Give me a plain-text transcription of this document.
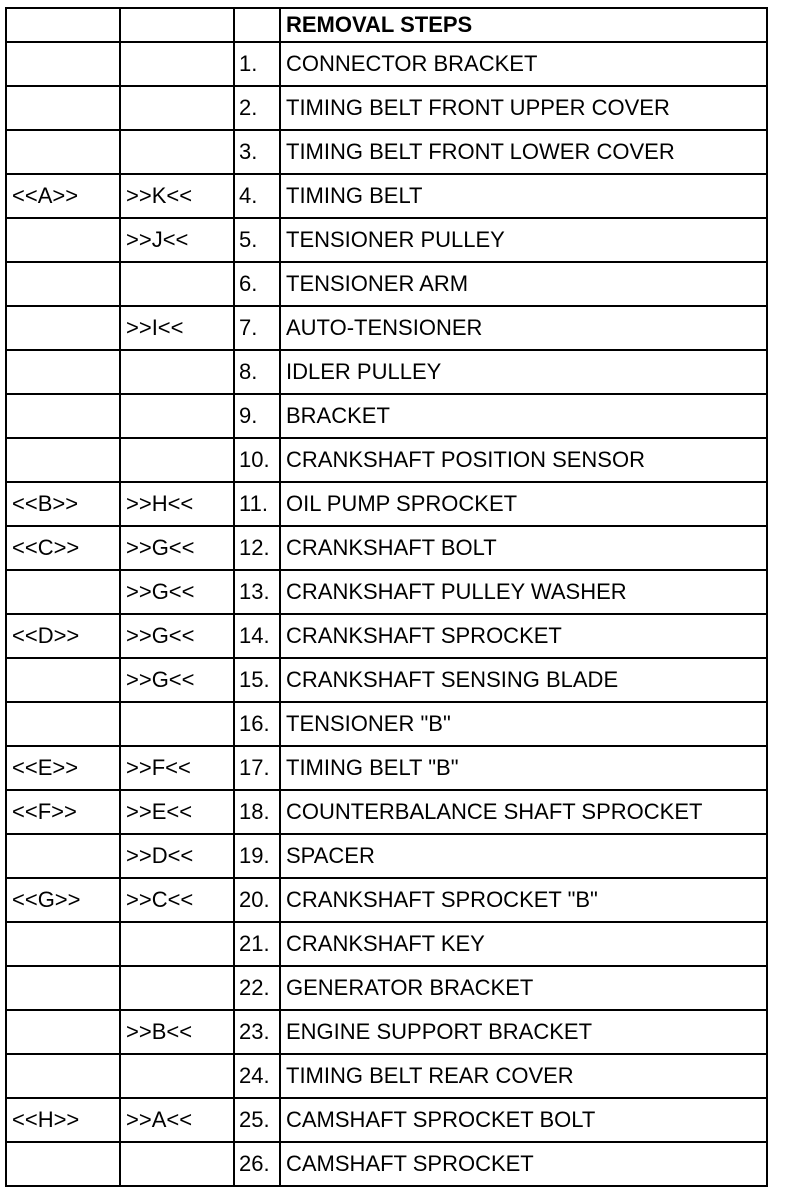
			REMOVAL STEPS
		1.	CONNECTOR BRACKET
		2.	TIMING BELT FRONT UPPER COVER
		3.	TIMING BELT FRONT LOWER COVER
<<A>>	>>K<<	4.	TIMING BELT
	>>J<<	5.	TENSIONER PULLEY
		6.	TENSIONER ARM
	>>I<<	7.	AUTO-TENSIONER
		8.	IDLER PULLEY
		9.	BRACKET
		10.	CRANKSHAFT POSITION SENSOR
<<B>>	>>H<<	11.	OIL PUMP SPROCKET
<<C>>	>>G<<	12.	CRANKSHAFT BOLT
	>>G<<	13.	CRANKSHAFT PULLEY WASHER
<<D>>	>>G<<	14.	CRANKSHAFT SPROCKET
	>>G<<	15.	CRANKSHAFT SENSING BLADE
		16.	TENSIONER "B"
<<E>>	>>F<<	17.	TIMING BELT "B"
<<F>>	>>E<<	18.	COUNTERBALANCE SHAFT SPROCKET
	>>D<<	19.	SPACER
<<G>>	>>C<<	20.	CRANKSHAFT SPROCKET "B"
		21.	CRANKSHAFT KEY
		22.	GENERATOR BRACKET
	>>B<<	23.	ENGINE SUPPORT BRACKET
		24.	TIMING BELT REAR COVER
<<H>>	>>A<<	25.	CAMSHAFT SPROCKET BOLT
		26.	CAMSHAFT SPROCKET
